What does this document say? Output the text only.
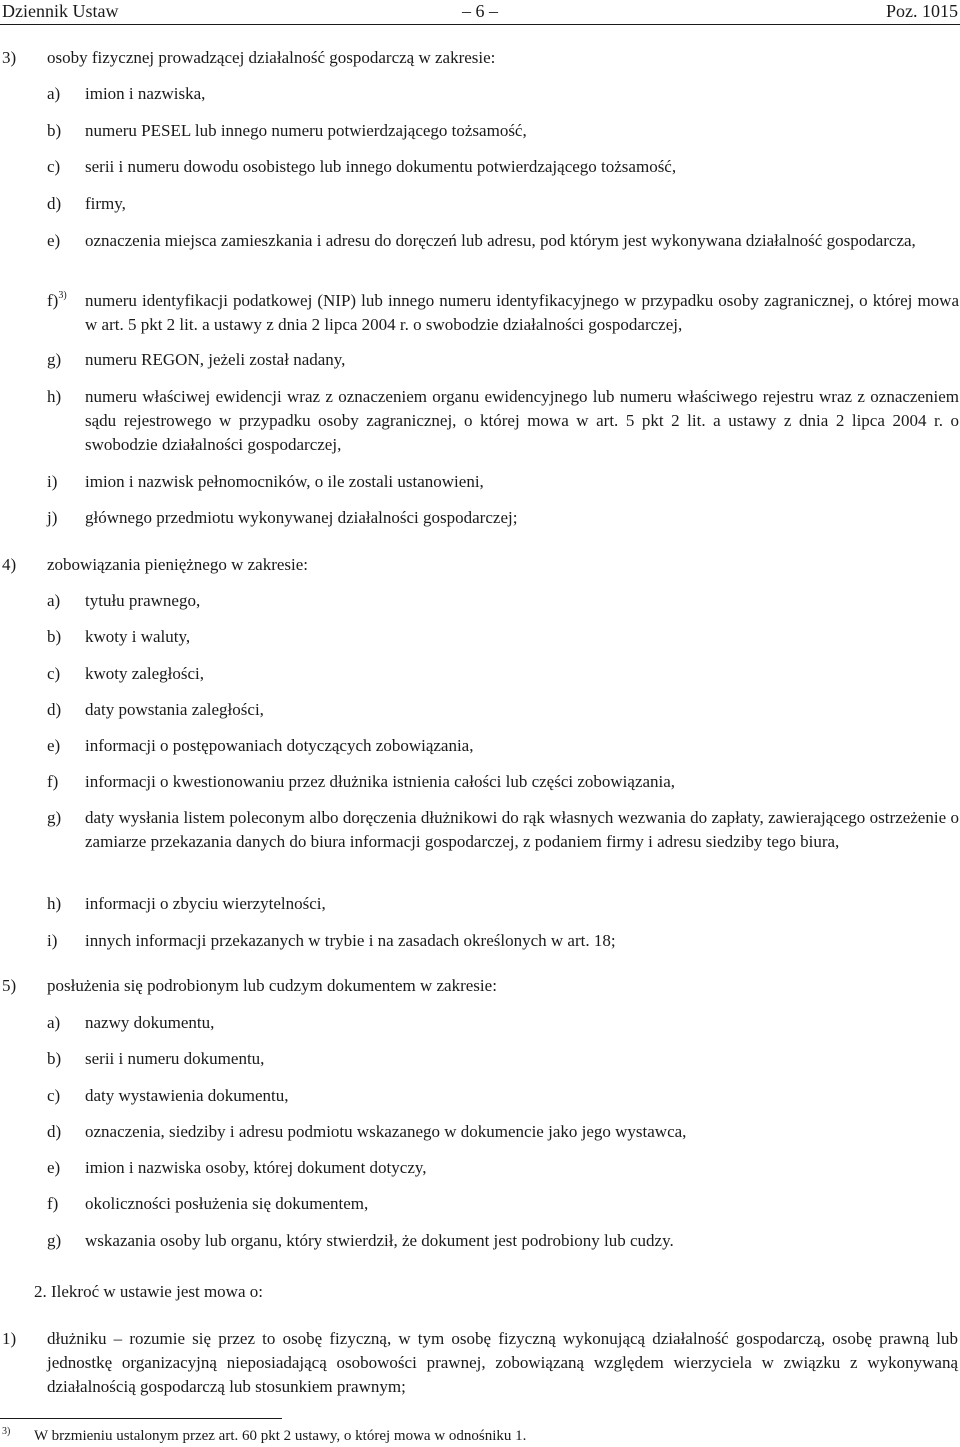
Dziennik Ustaw	– 6 –	Poz. 1015
3) osoby fizycznej prowadzącej działalność gospodarczą w zakresie:
a) imion i nazwiska,
b) numeru PESEL lub innego numeru potwierdzającego tożsamość,
c) serii i numeru dowodu osobistego lub innego dokumentu potwierdzającego tożsamość,
d) firmy,
e) oznaczenia miejsca zamieszkania i adresu do doręczeń lub adresu, pod którym jest wykonywana działalność gospodarcza,
f)$^{3)}$ numeru identyfikacji podatkowej (NIP) lub innego numeru identyfikacyjnego w przypadku osoby zagranicznej, o której mowa w art. 5 pkt 2 lit. a ustawy z dnia 2 lipca 2004 r. o swobodzie działalności gospodarczej,
g) numeru REGON, jeżeli został nadany,
h) numeru właściwej ewidencji wraz z oznaczeniem organu ewidencyjnego lub numeru właściwego rejestru wraz z oznaczeniem sądu rejestrowego w przypadku osoby zagranicznej, o której mowa w art. 5 pkt 2 lit. a ustawy z dnia 2 lipca 2004 r. o swobodzie działalności gospodarczej,
i) imion i nazwisk pełnomocników, o ile zostali ustanowieni,
j) głównego przedmiotu wykonywanej działalności gospodarczej;
4) zobowiązania pieniężnego w zakresie:
a) tytułu prawnego,
b) kwoty i waluty,
c) kwoty zaległości,
d) daty powstania zaległości,
e) informacji o postępowaniach dotyczących zobowiązania,
f) informacji o kwestionowaniu przez dłużnika istnienia całości lub części zobowiązania,
g) daty wysłania listem poleconym albo doręczenia dłużnikowi do rąk własnych wezwania do zapłaty, zawierającego ostrzeżenie o zamiarze przekazania danych do biura informacji gospodarczej, z podaniem firmy i adresu siedziby tego biura,
h) informacji o zbyciu wierzytelności,
i) innych informacji przekazanych w trybie i na zasadach określonych w art. 18;
5) posłużenia się podrobionym lub cudzym dokumentem w zakresie:
a) nazwy dokumentu,
b) serii i numeru dokumentu,
c) daty wystawienia dokumentu,
d) oznaczenia, siedziby i adresu podmiotu wskazanego w dokumencie jako jego wystawca,
e) imion i nazwiska osoby, której dokument dotyczy,
f) okoliczności posłużenia się dokumentem,
g) wskazania osoby lub organu, który stwierdził, że dokument jest podrobiony lub cudzy.
2. Ilekroć w ustawie jest mowa o:
1) dłużniku – rozumie się przez to osobę fizyczną, w tym osobę fizyczną wykonującą działalność gospodarczą, osobę prawną lub jednostkę organizacyjną nieposiadającą osobowości prawnej, zobowiązaną względem wierzyciela w związku z wykonywaną działalnością gospodarczą lub stosunkiem prawnym;
3) W brzmieniu ustalonym przez art. 60 pkt 2 ustawy, o której mowa w odnośniku 1.
